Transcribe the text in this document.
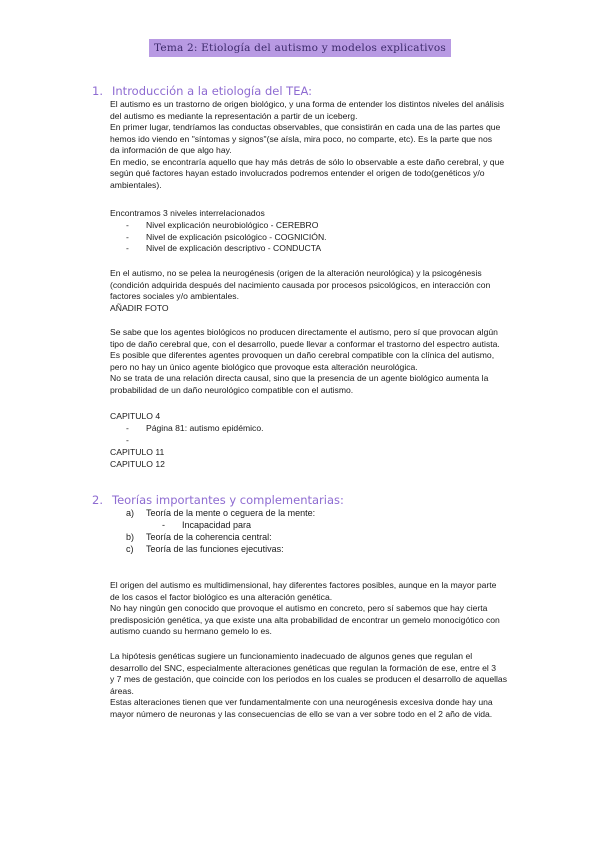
Tema 2: Etiología del autismo y modelos explicativos
1. Introducción a la etiología del TEA:
El autismo es un trastorno de origen biológico, y una forma de entender los distintos niveles del análisis
del autismo es mediante la representación a partir de un iceberg.
En primer lugar, tendríamos las conductas observables, que consistirán en cada una de las partes que
hemos ido viendo en "síntomas y signos"(se aísla, mira poco, no comparte, etc). Es la parte que nos
da información de que algo hay.
En medio, se encontraría aquello que hay más detrás de sólo lo observable a este daño cerebral, y que
según qué factores hayan estado involucrados podremos entender el origen de todo(genéticos y/o
ambientales).
Encontramos 3 niveles interrelacionados
- Nivel explicación neurobiológico - CEREBRO
- Nivel de explicación psicológico - COGNICIÓN.
- Nivel de explicación descriptivo - CONDUCTA
En el autismo, no se pelea la neurogénesis (origen de la alteración neurológica) y la psicogénesis
(condición adquirida después del nacimiento causada por procesos psicológicos, en interacción con
factores sociales y/o ambientales.
AÑADIR FOTO
Se sabe que los agentes biológicos no producen directamente el autismo, pero sí que provocan algún
tipo de daño cerebral que, con el desarrollo, puede llevar a conformar el trastorno del espectro autista.
Es posible que diferentes agentes provoquen un daño cerebral compatible con la clínica del autismo,
pero no hay un único agente biológico que provoque esta alteración neurológica.
No se trata de una relación directa causal, sino que la presencia de un agente biológico aumenta la
probabilidad de un daño neurológico compatible con el autismo.
CAPITULO 4
- Página 81: autismo epidémico.
-
CAPITULO 11
CAPITULO 12
2. Teorías importantes y complementarias:
a) Teoría de la mente o ceguera de la mente:
- Incapacidad para
b) Teoría de la coherencia central:
c) Teoría de las funciones ejecutivas:
El origen del autismo es multidimensional, hay diferentes factores posibles, aunque en la mayor parte
de los casos el factor biológico es una alteración genética.
No hay ningún gen conocido que provoque el autismo en concreto, pero sí sabemos que hay cierta
predisposición genética, ya que existe una alta probabilidad de encontrar un gemelo monocigótico con
autismo cuando su hermano gemelo lo es.
La hipótesis genéticas sugiere un funcionamiento inadecuado de algunos genes que regulan el
desarrollo del SNC, especialmente alteraciones genéticas que regulan la formación de ese, entre el 3
y 7 mes de gestación, que coincide con los periodos en los cuales se producen el desarrollo de aquellas
áreas.
Estas alteraciones tienen que ver fundamentalmente con una neurogénesis excesiva donde hay una
mayor número de neuronas y las consecuencias de ello se van a ver sobre todo en el 2 año de vida.
